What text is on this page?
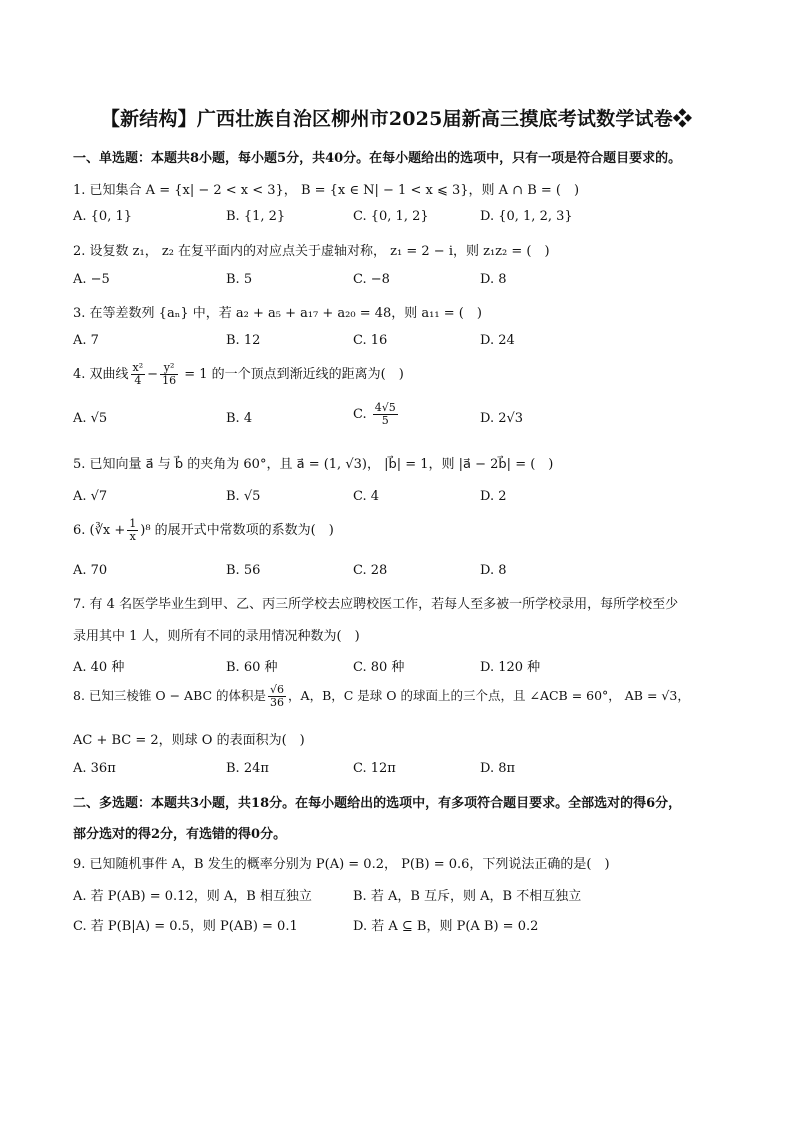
【新结构】广西壮族自治区柳州市2025届新高三摸底考试数学试卷❖
一、单选题：本题共8小题，每小题5分，共40分。在每小题给出的选项中，只有一项是符合题目要求的。
1. 已知集合 A = {x| − 2 < x < 3}， B = {x ∈ N| − 1 < x ⩽ 3}，则 A ∩ B = (　)
A. {0, 1}	B. {1, 2}	C. {0, 1, 2}	D. {0, 1, 2, 3}
2. 设复数 z₁， z₂ 在复平面内的对应点关于虚轴对称， z₁ = 2 − i，则 z₁z₂ = (　)
A. −5	B. 5	C. −8	D. 8
3. 在等差数列 {aₙ} 中，若 a₂ + a₅ + a₁₇ + a₂₀ = 48，则 a₁₁ = (　)
A. 7	B. 12	C. 16	D. 24
4. 双曲线 $\frac{\text{x²}}{4} - \frac{\text{y²}}{16} = 1$ 的一个顶点到渐近线的距离为(　)
A. √5	B. 4	C. $\frac{4√5}{5}$	D. 2√3
5. 已知向量 a⃗ 与 b⃗ 的夹角为 60°，且 a⃗ = (1, √3)， |b⃗| = 1，则 |a⃗ − 2b⃗| = (　)
A. √7	B. √5	C. 4	D. 2
6. (∛x + $\frac{1}{x} )^8$ 的展开式中常数项的系数为(　)
A. 70	B. 56	C. 28	D. 8
7. 有 4 名医学毕业生到甲、乙、丙三所学校去应聘校医工作，若每人至多被一所学校录用，每所学校至少
录用其中 1 人，则所有不同的录用情况种数为(　)
A. 40 种	B. 60 种	C. 80 种	D. 120 种
8. 已知三棱锥 O − ABC 的体积是 $\frac{√6}{36}$ ，A，B，C 是球 O 的球面上的三个点，且 ∠ACB = 60°， AB = √3，
AC + BC = 2，则球 O 的表面积为(　)
A. 36π	B. 24π	C. 12π	D. 8π
二、多选题：本题共3小题，共18分。在每小题给出的选项中，有多项符合题目要求。全部选对的得6分，
部分选对的得2分，有选错的得0分。
9. 已知随机事件 A，B 发生的概率分别为 P(A) = 0.2， P(B) = 0.6，下列说法正确的是(　)
A. 若 P(AB) = 0.12，则 A，B 相互独立	B. 若 A，B 互斥，则 A，B 不相互独立
C. 若 P(B|A) = 0.5，则 P(AB) = 0.1	D. 若 A ⊆ B，则 P(A B) = 0.2
